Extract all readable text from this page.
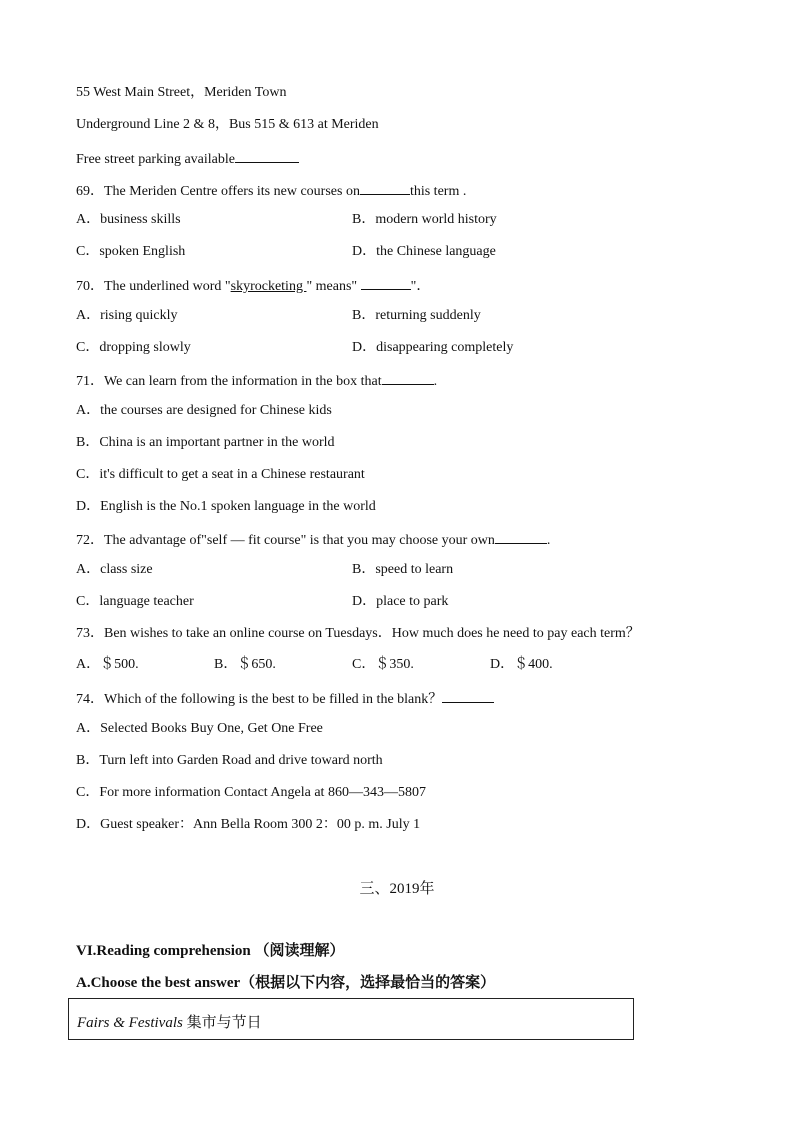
55 West Main Street，Meriden Town
Underground Line 2 & 8，Bus 515 & 613 at Meriden
Free street parking available
69．The Meriden Centre offers its new courses on	this term .
A．business skills	B．modern world history
C．spoken English	D．the Chinese language
70．The underlined word "skyrocketing " means"	"．
A．rising quickly	B．returning suddenly
C．dropping slowly	D．disappearing completely
71．We can learn from the information in the box that	.
A．the courses are designed for Chinese kids
B．China is an important partner in the world
C．it's difficult to get a seat in a Chinese restaurant
D．English is the No.1 spoken language in the world
72．The advantage of"self — fit course" is that you may choose your own	.
A．class size	B．speed to learn
C．language teacher	D．place to park
73．Ben wishes to take an online course on Tuesdays．How much does he need to pay each term？
A．＄500.	B．＄650.	C．＄350.	D．＄400.
74．Which of the following is the best to be filled in the blank？
A．Selected Books Buy One, Get One Free
B．Turn left into Garden Road and drive toward north
C．For more information Contact Angela at 860—343—5807
D．Guest speaker：Ann Bella Room 300 2：00 p. m. July 1
三、2019年
VI.Reading comprehension （阅读理解）
A.Choose the best answer（根据以下内容，选择最恰当的答案）
Fairs & Festivals 集市与节日
